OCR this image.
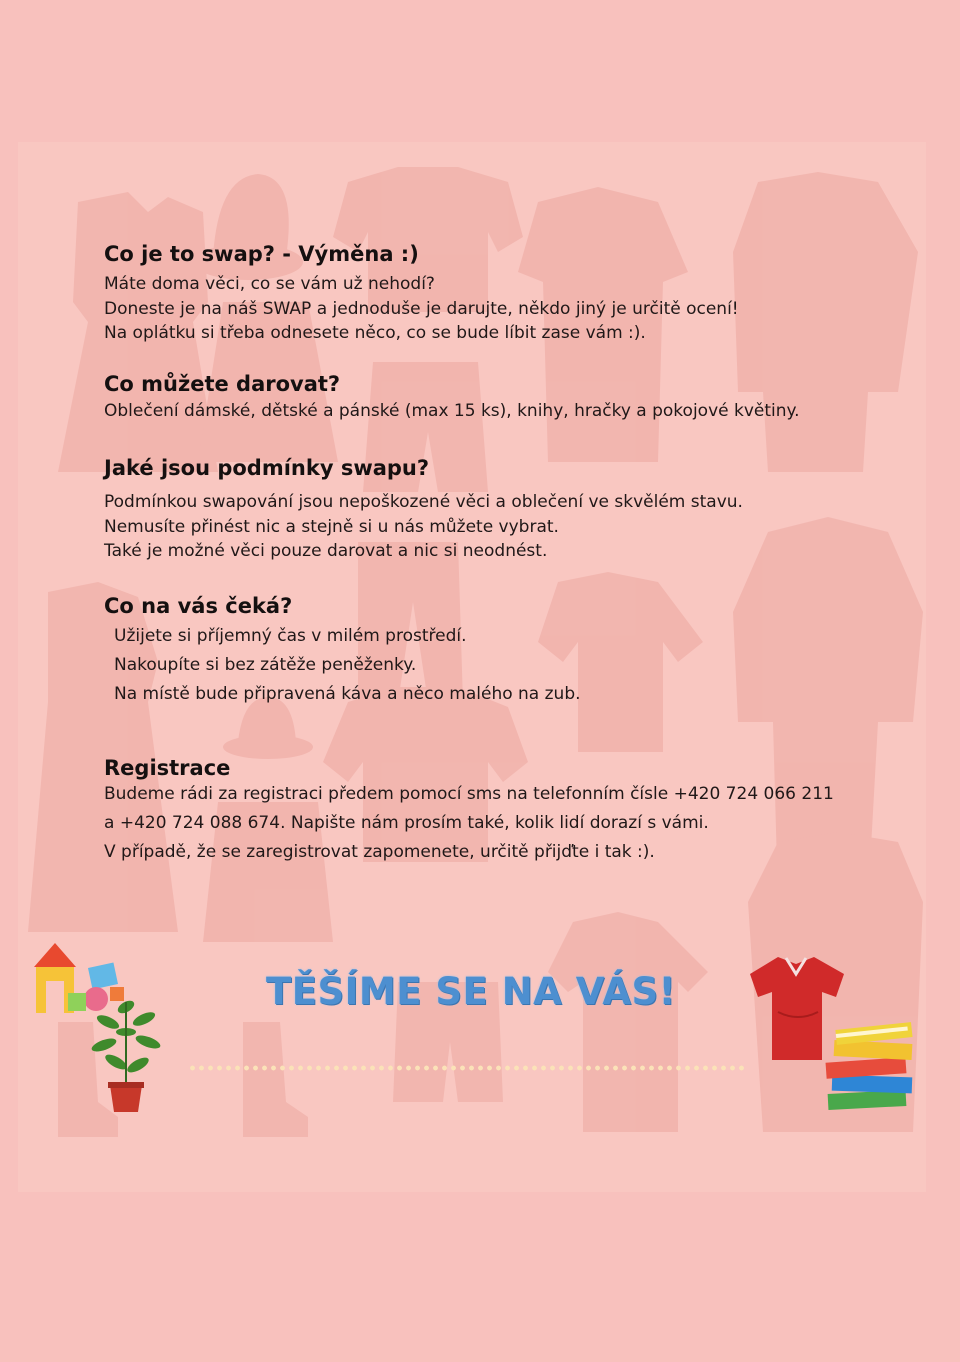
Co je to swap? - Výměna :)
Máte doma věci, co se vám už nehodí?
Doneste je na náš SWAP a jednoduše je darujte, někdo jiný je určitě ocení!
Na oplátku si třeba odnesete něco, co se bude líbit zase vám :).
Co můžete darovat?
Oblečení dámské, dětské a pánské (max 15 ks), knihy, hračky a pokojové květiny.
Jaké jsou podmínky swapu?
Podmínkou swapování jsou nepoškozené věci a oblečení ve skvělém stavu.
Nemusíte přinést nic a stejně si u nás můžete vybrat.
Také je možné věci pouze darovat a nic si neodnést.
Co na vás čeká?
Užijete si příjemný čas v milém prostředí.
Nakoupíte si bez zátěže peněženky.
Na místě bude připravená káva a něco malého na zub.
Registrace
Budeme rádi za registraci předem pomocí sms na telefonním čísle +420 724 066 211
a +420 724 088 674. Napište nám prosím také, kolik lidí dorazí s vámi.
V případě, že se zaregistrovat zapomenete, určitě přijďte i tak :).
TĚŠÍME SE NA VÁS!
